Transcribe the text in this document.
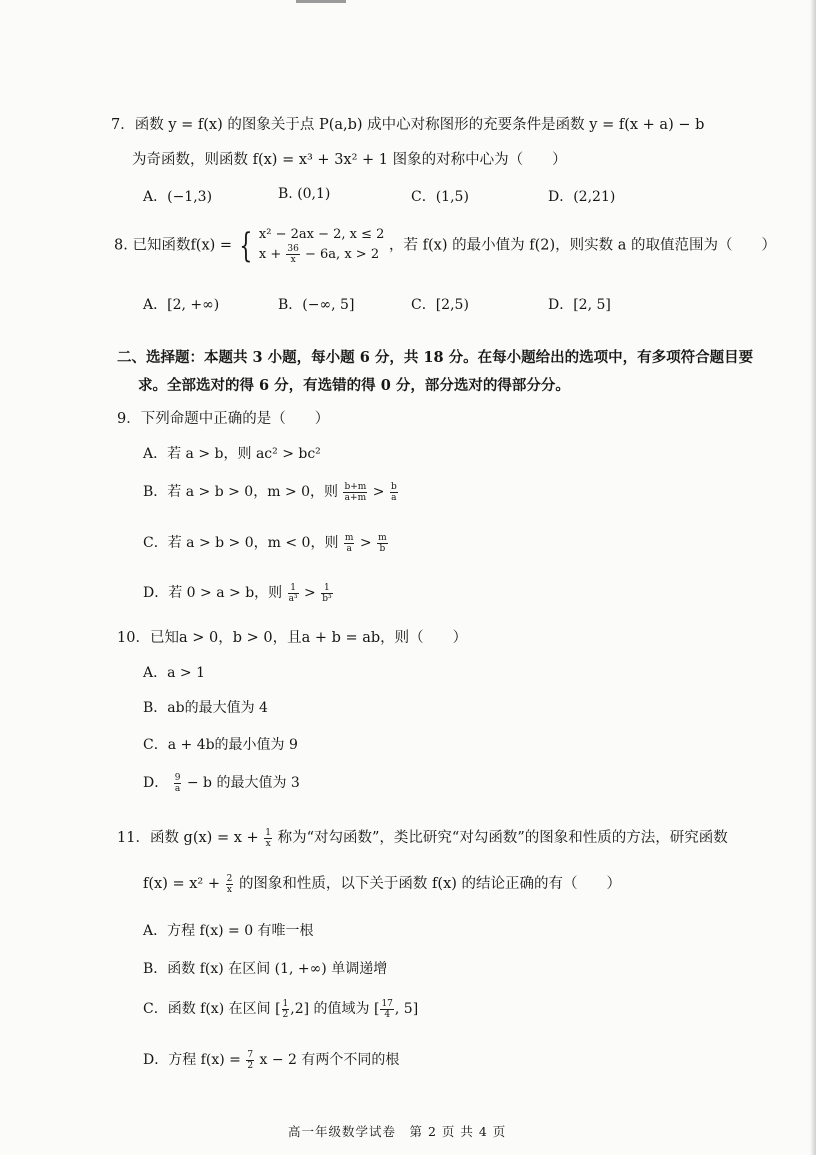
7．函数 y = f(x) 的图象关于点 P(a,b) 成中心对称图形的充要条件是函数 y = f(x + a) − b
为奇函数，则函数 f(x) = x³ + 3x² + 1 图象的对称中心为（　　）
A．(−1,3)	B. (0,1)	C．(1,5)	D．(2,21)
8. 已知函数f(x) = { x² − 2ax − 2, x ≤ 2
$x + \frac{36}{x} - 6a$, x > 2
，若 f(x) 的最小值为 f(2)，则实数 a 的取值范围为（　　）
A．[2, +∞)	B．(−∞, 5]	C．[2,5)	D．[2, 5]
二、选择题：本题共 3 小题，每小题 6 分，共 18 分。在每小题给出的选项中，有多项符合题目要
求。全部选对的得 6 分，有选错的得 0 分，部分选对的得部分分。
9．下列命题中正确的是（　　）
A．若 a > b，则 ac² > bc²
B．若 a > b > 0，m > 0，则 $\frac{b+m}{a+m} > \frac{b}{a}$
C．若 a > b > 0，m < 0，则 $\frac{m}{a} > \frac{m}{b}$
D．若 0 > a > b，则 $\frac{1}{\text{a³}} > \frac{1}{\text{b³}}$
10．已知a > 0，b > 0，且a + b = ab，则（　　）
A．a > 1
B．ab的最大值为 4
C．a + 4b的最小值为 9
D． $\frac{9}{a} - b$ 的最大值为 3
11．函数 $g(x) = x + \frac{1}{x}$ 称为“对勾函数”，类比研究“对勾函数”的图象和性质的方法，研究函数
$f(x) = x^2 + \frac{2}{x}$ 的图象和性质，以下关于函数 f(x) 的结论正确的有（　　）
A．方程 f(x) = 0 有唯一根
B．函数 f(x) 在区间 (1, +∞) 单调递增
C．函数 f(x) 在区间 [ $\frac{1}{2} ,2$] 的值域为 [ $\frac{17}{4}$ , 5]
D．方程 $f(x) = \frac{7}{2}$ x − 2 有两个不同的根
高一年级数学试卷　第 2 页 共 4 页
